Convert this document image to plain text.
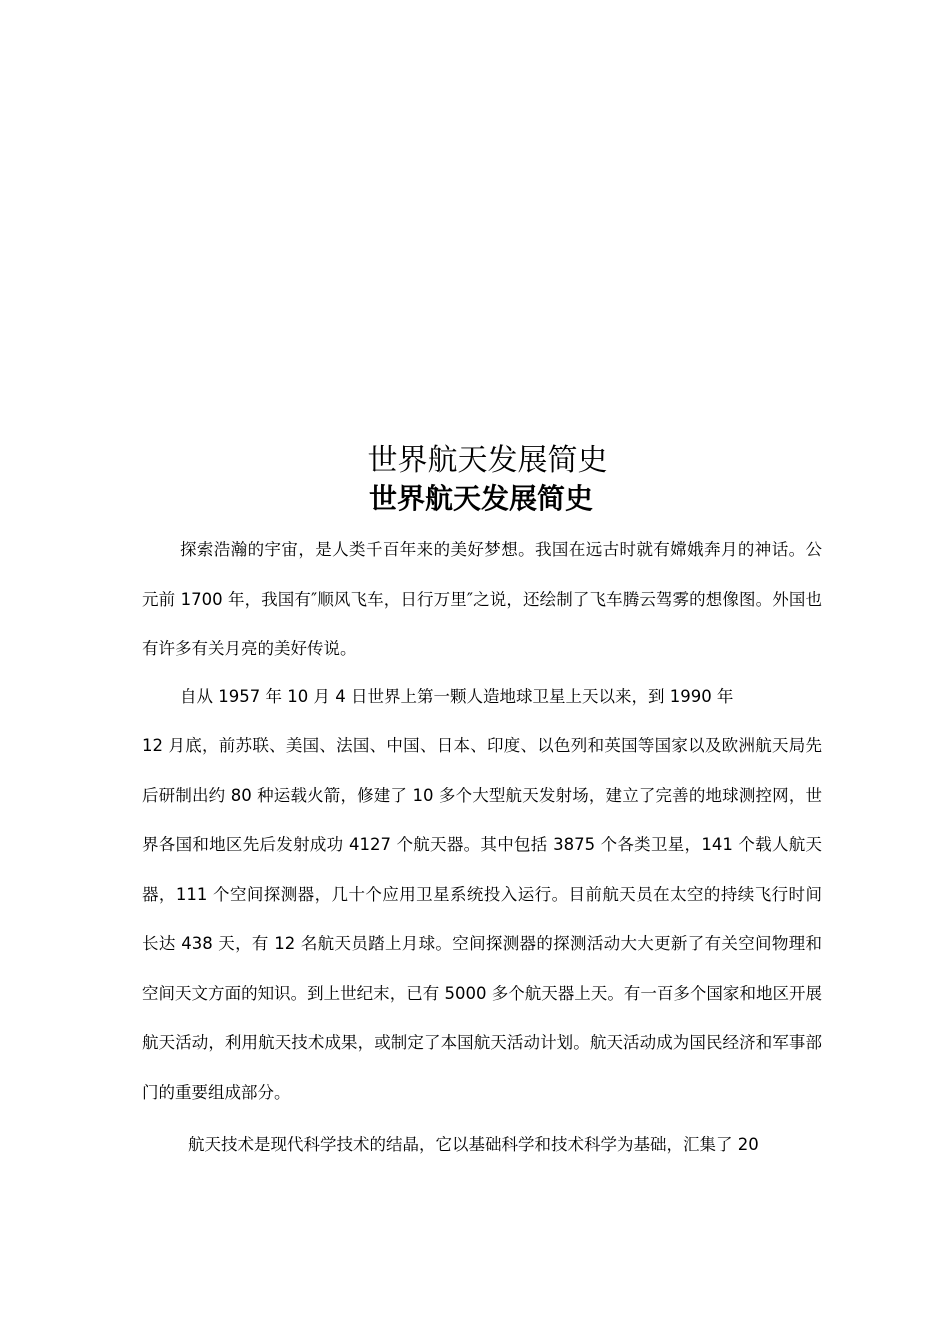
世界航天发展简史
世界航天发展简史

探索浩瀚的宇宙，是人类千百年来的美好梦想。我国在远古时就有嫦娥奔月的神话。公元前 1700 年，我国有″顺风飞车，日行万里″之说，还绘制了飞车腾云驾雾的想像图。外国也有许多有关月亮的美好传说。

自从 1957 年 10 月 4 日世界上第一颗人造地球卫星上天以来，到 1990 年

12 月底，前苏联、美国、法国、中国、日本、印度、以色列和英国等国家以及欧洲航天局先后研制出约 80 种运载火箭，修建了 10 多个大型航天发射场，建立了完善的地球测控网，世界各国和地区先后发射成功 4127 个航天器。其中包括 3875 个各类卫星，141 个载人航天器，111 个空间探测器，几十个应用卫星系统投入运行。目前航天员在太空的持续飞行时间长达 438 天，有 12 名航天员踏上月球。空间探测器的探测活动大大更新了有关空间物理和空间天文方面的知识。到上世纪末，已有 5000 多个航天器上天。有一百多个国家和地区开展航天活动，利用航天技术成果，或制定了本国航天活动计划。航天活动成为国民经济和军事部门的重要组成部分。

航天技术是现代科学技术的结晶，它以基础科学和技术科学为基础，汇集了 20
